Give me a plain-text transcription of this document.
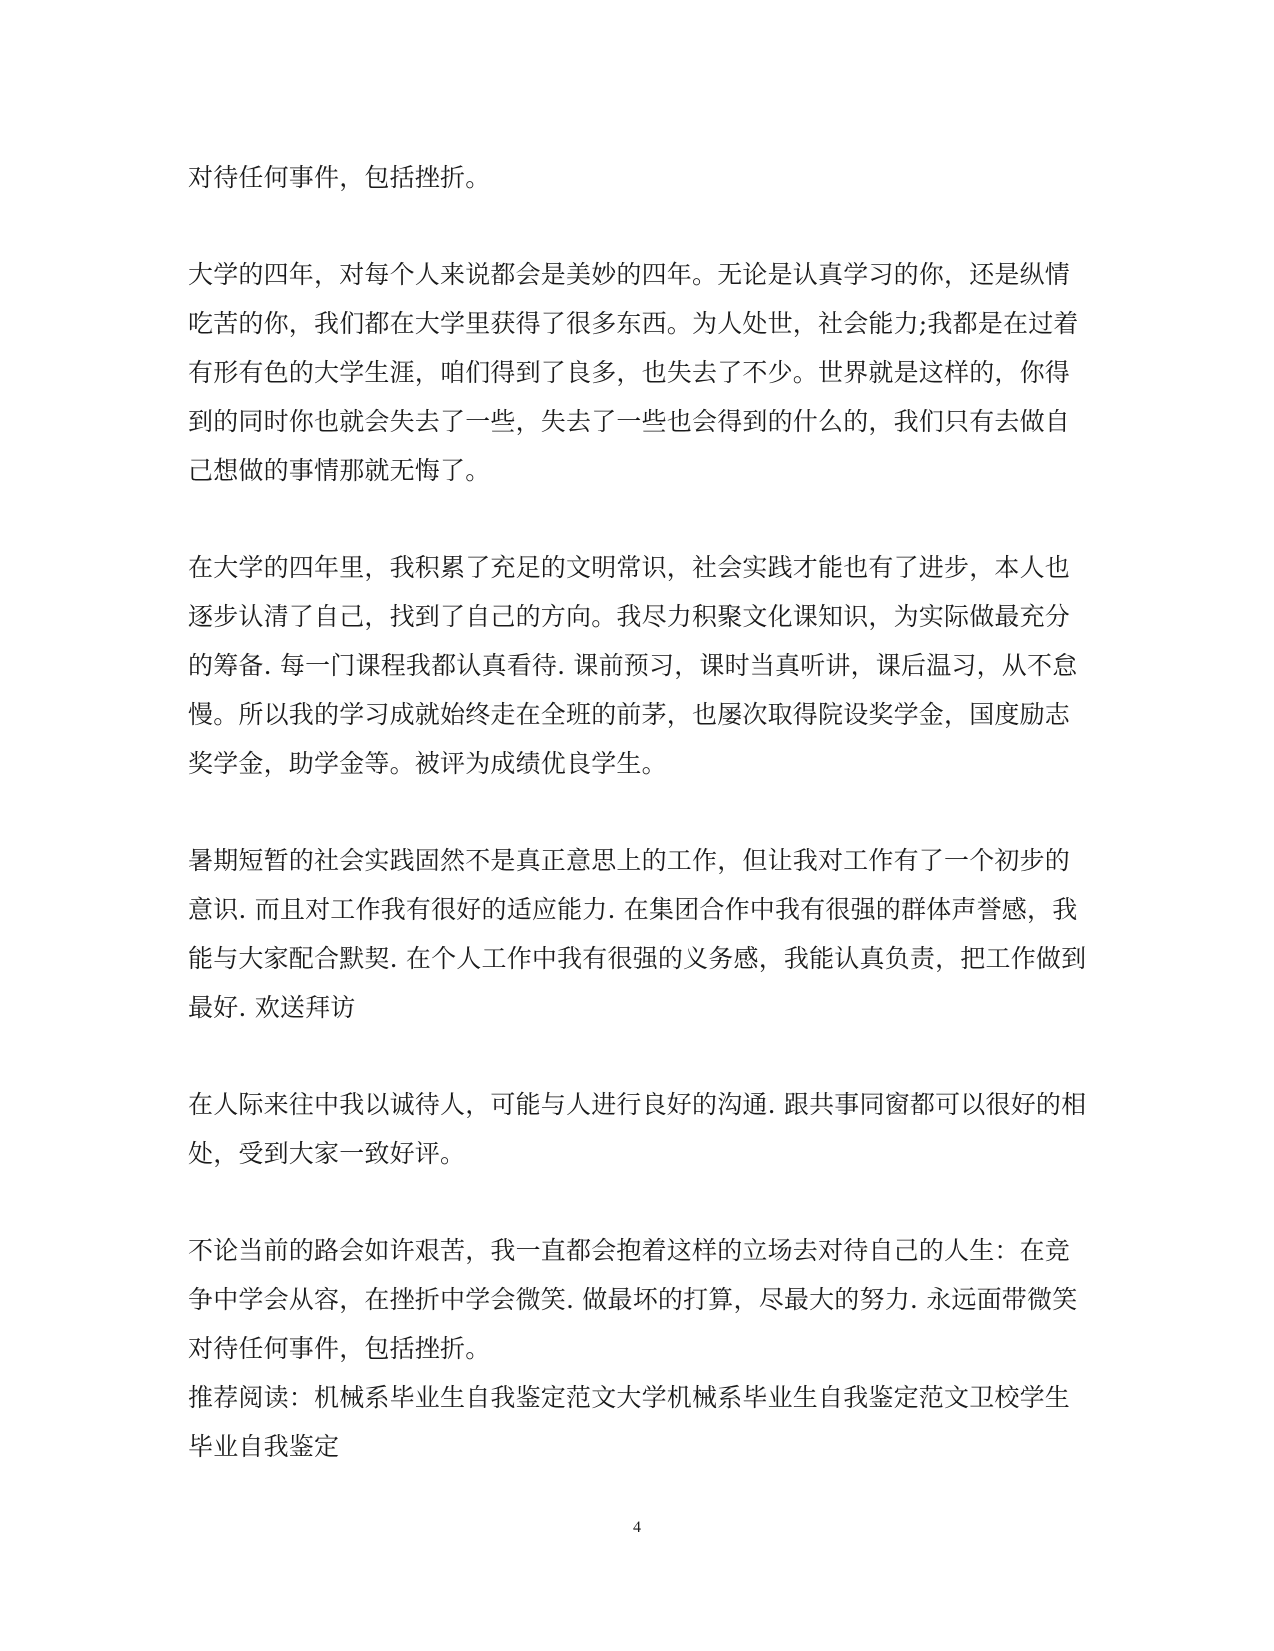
对待任何事件，包括挫折。
大学的四年，对每个人来说都会是美妙的四年。无论是认真学习的你，还是纵情
吃苦的你，我们都在大学里获得了很多东西。为人处世，社会能力;我都是在过着
有形有色的大学生涯，咱们得到了良多，也失去了不少。世界就是这样的，你得
到的同时你也就会失去了一些，失去了一些也会得到的什么的，我们只有去做自
己想做的事情那就无悔了。
在大学的四年里，我积累了充足的文明常识，社会实践才能也有了进步，本人也
逐步认清了自己，找到了自己的方向。我尽力积聚文化课知识，为实际做最充分
的筹备. 每一门课程我都认真看待. 课前预习，课时当真听讲，课后温习，从不怠
慢。所以我的学习成就始终走在全班的前茅，也屡次取得院设奖学金，国度励志
奖学金，助学金等。被评为成绩优良学生。
暑期短暂的社会实践固然不是真正意思上的工作，但让我对工作有了一个初步的
意识. 而且对工作我有很好的适应能力. 在集团合作中我有很强的群体声誉感，我
能与大家配合默契. 在个人工作中我有很强的义务感，我能认真负责，把工作做到
最好. 欢送拜访
在人际来往中我以诚待人，可能与人进行良好的沟通. 跟共事同窗都可以很好的相
处，受到大家一致好评。
不论当前的路会如许艰苦，我一直都会抱着这样的立场去对待自己的人生：在竞
争中学会从容，在挫折中学会微笑. 做最坏的打算，尽最大的努力. 永远面带微笑
对待任何事件，包括挫折。
推荐阅读：机械系毕业生自我鉴定范文大学机械系毕业生自我鉴定范文卫校学生
毕业自我鉴定
4
